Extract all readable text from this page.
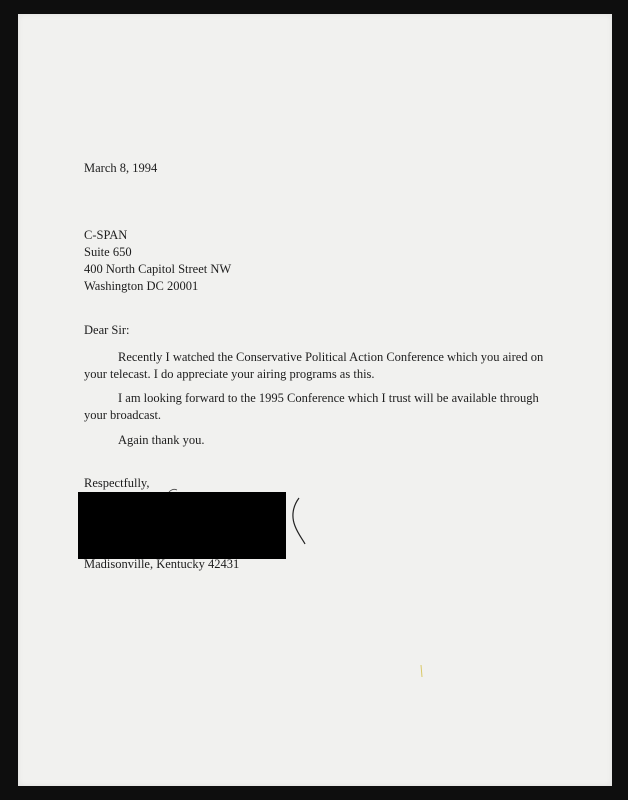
March 8, 1994
C-SPAN
Suite 650
400 North Capitol Street NW
Washington DC 20001
Dear Sir:
Recently I watched the Conservative Political Action Conference which you aired on your telecast. I do appreciate your airing programs as this.
I am looking forward to the 1995 Conference which I trust will be available through your broadcast.
Again thank you.
Respectfully,
Madisonville, Kentucky 42431
